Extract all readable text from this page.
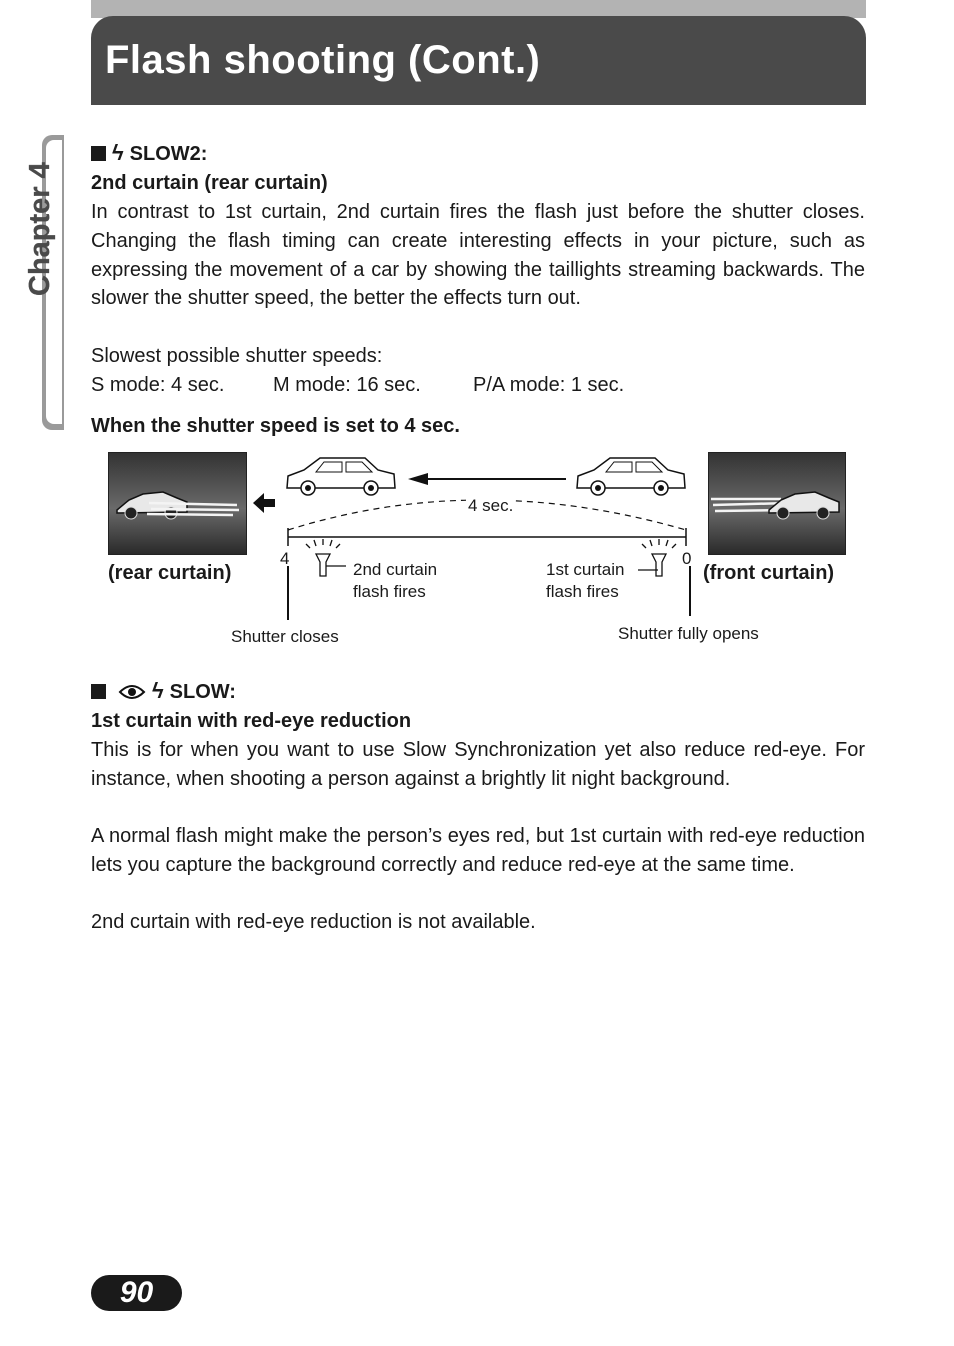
Flash shooting (Cont.)
Chapter 4
ϟ SLOW2:
2nd curtain (rear curtain)
In contrast to 1st curtain, 2nd curtain fires the flash just before the shutter closes. Changing the flash timing can create interesting effects in your picture, such as expressing the movement of a car by showing the taillights streaming backwards. The slower the shutter speed, the better the effects turn out.
Slowest possible shutter speeds:
S mode: 4 sec. M mode: 16 sec.	P/A mode: 1 sec.
When the shutter speed is set to 4 sec.
4 sec.
4	0
(rear curtain)	(front curtain)
2nd curtain
flash fires
1st curtain
flash fires
Shutter closes	Shutter fully opens
ϟ SLOW:
1st curtain with red-eye reduction
This is for when you want to use Slow Synchronization yet also reduce red-eye. For instance, when shooting a person against a brightly lit night background.
A normal flash might make the person’s eyes red, but 1st curtain with red-eye reduction lets you capture the background correctly and reduce red-eye at the same time.
2nd curtain with red-eye reduction is not available.
90
